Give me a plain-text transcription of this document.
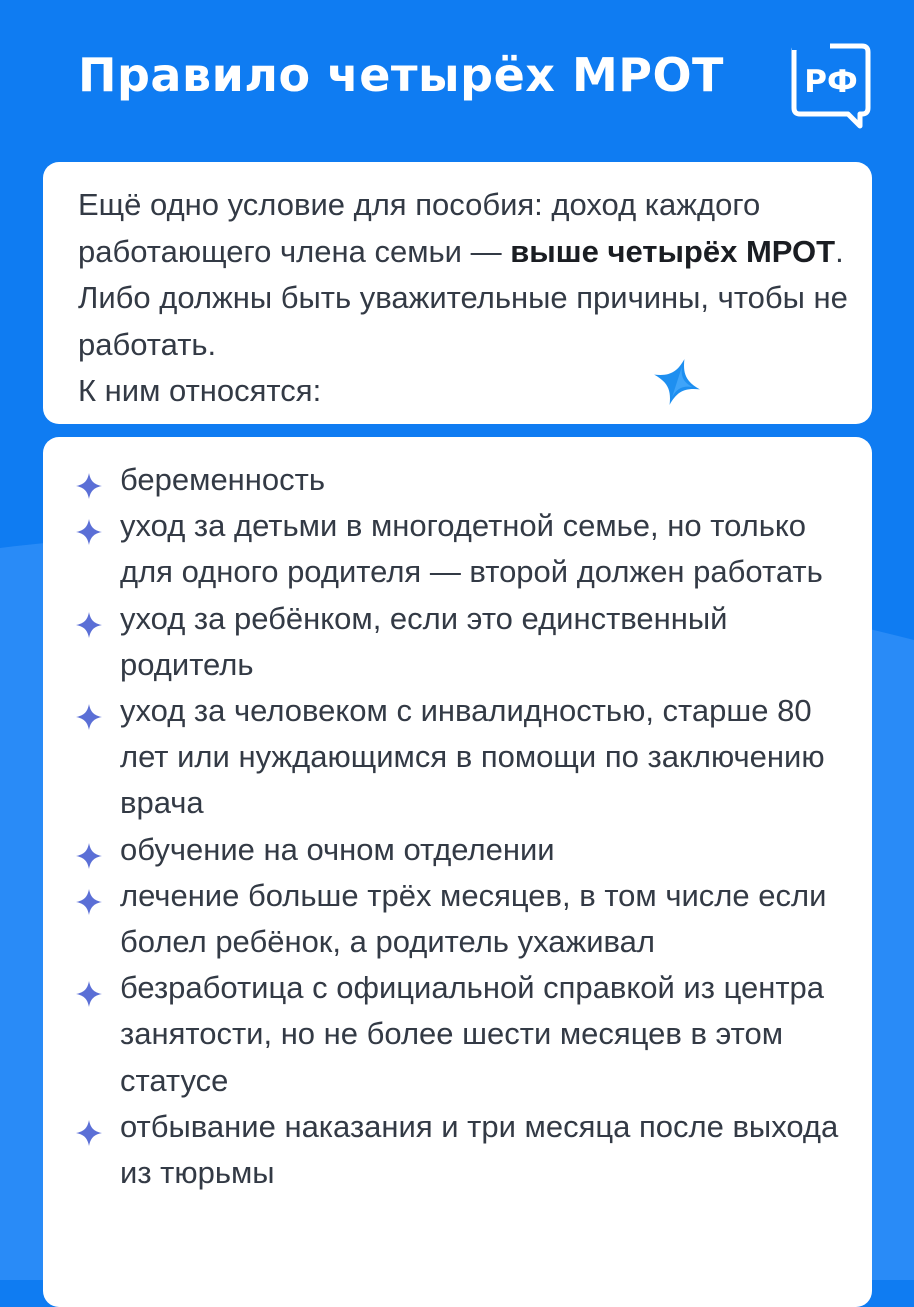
Правило четырёх МРОТ	РФ

Ещё одно условие для пособия: доход каждого работающего члена семьи — выше четырёх МРОТ. Либо должны быть уважительные причины, чтобы не работать.
К ним относятся:

беременность
уход за детьми в многодетной семье, но только для одного родителя — второй должен работать
уход за ребёнком, если это единственный родитель
уход за человеком с инвалидностью, старше 80 лет или нуждающимся в помощи по заключению врача
обучение на очном отделении
лечение больше трёх месяцев, в том числе если болел ребёнок, а родитель ухаживал
безработица с официальной справкой из центра занятости, но не более шести месяцев в этом статусе
отбывание наказания и три месяца после выхода из тюрьмы
